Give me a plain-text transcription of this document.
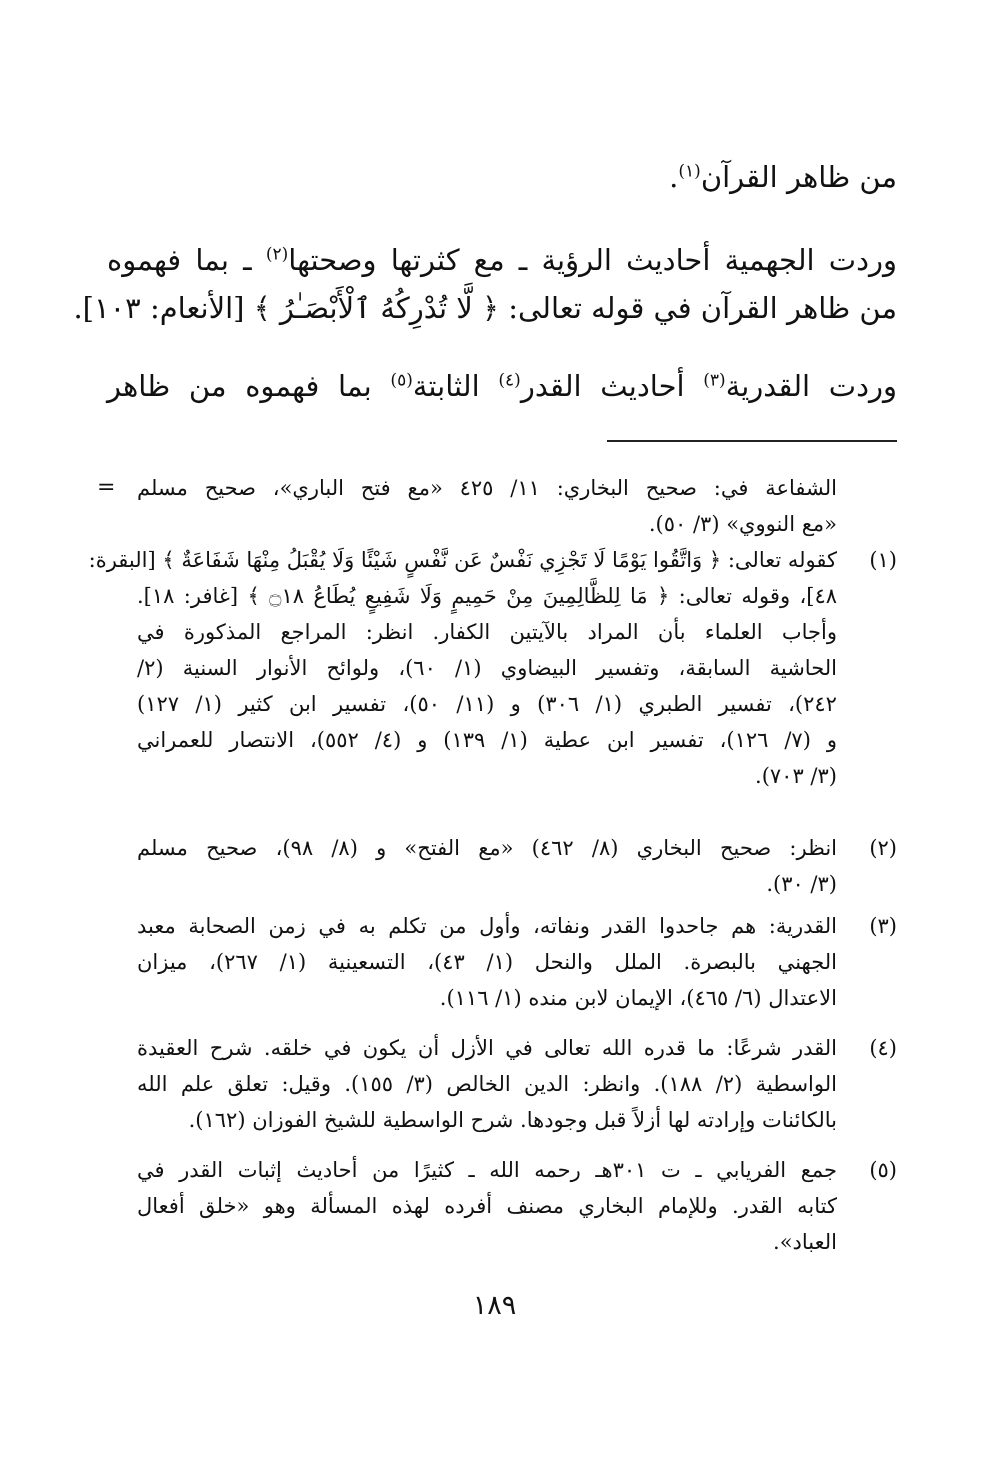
من ظاهر القرآن$^{(١)}$.
وردت الجهمية أحاديث الرؤية ـ مع كثرتها وصحتها$^{(٢)}$ ـ بما فهموه
من ظاهر القرآن في قوله تعالى: ﴿ لَّا تُدْرِكُهُ ٱلْأَبْصَـٰرُ ﴾ [الأنعام: ١٠٣].
وردت القدرية$^{(٣)}$ أحاديث القدر$^{(٤)}$ الثابتة$^{(٥)}$ بما فهموه من ظاهر
= الشفاعة في: صحيح البخاري: ١١/ ٤٢٥ «مع فتح الباري»، صحيح مسلم
«مع النووي» (٣/ ٥٠).
(١)
كقوله تعالى: ﴿ وَاتَّقُوا يَوْمًا لَا تَجْزِي نَفْسٌ عَن نَّفْسٍ شَيْئًا وَلَا يُقْبَلُ مِنْهَا شَفَاعَةٌ ﴾ [البقرة:
٤٨]، وقوله تعالى: ﴿ مَا لِلظَّالِمِينَ مِنْ حَمِيمٍ وَلَا شَفِيعٍ يُطَاعُ ۝١٨ ﴾ [غافر: ١٨].
وأجاب العلماء بأن المراد بالآيتين الكفار. انظر: المراجع المذكورة في
الحاشية السابقة، وتفسير البيضاوي (١/ ٦٠)، ولوائح الأنوار السنية (٢/
٢٤٢)، تفسير الطبري (١/ ٣٠٦) و (١١/ ٥٠)، تفسير ابن كثير (١/ ١٢٧)
و (٧/ ١٢٦)، تفسير ابن عطية (١/ ١٣٩) و (٤/ ٥٥٢)، الانتصار للعمراني
(٣/ ٧٠٣).
(٢)
انظر: صحيح البخاري (٨/ ٤٦٢) «مع الفتح» و (٨/ ٩٨)، صحيح مسلم
(٣/ ٣٠).
(٣)
القدرية: هم جاحدوا القدر ونفاته، وأول من تكلم به في زمن الصحابة معبد
الجهني بالبصرة. الملل والنحل (١/ ٤٣)، التسعينية (١/ ٢٦٧)، ميزان
الاعتدال (٦/ ٤٦٥)، الإيمان لابن منده (١/ ١١٦).
(٤)
القدر شرعًا: ما قدره الله تعالى في الأزل أن يكون في خلقه. شرح العقيدة
الواسطية (٢/ ١٨٨). وانظر: الدين الخالص (٣/ ١٥٥). وقيل: تعلق علم الله
بالكائنات وإرادته لها أزلاً قبل وجودها. شرح الواسطية للشيخ الفوزان (١٦٢).
(٥)
جمع الفريابي ـ ت ٣٠١هـ رحمه الله ـ كثيرًا من أحاديث إثبات القدر في
كتابه القدر. وللإمام البخاري مصنف أفرده لهذه المسألة وهو «خلق أفعال
العباد».
١٨٩
